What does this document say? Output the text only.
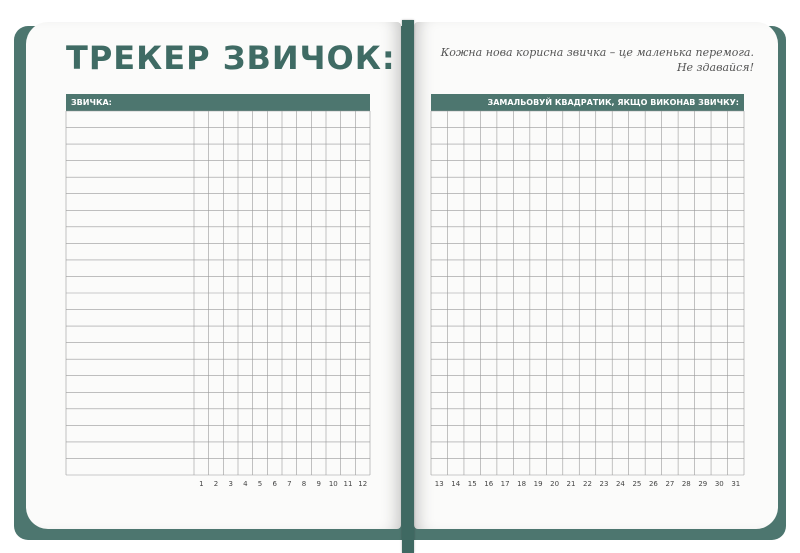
ТРЕКЕР ЗВИЧОК:	Кожна нова корисна звичка – це маленька перемога.
Не здавайся!
ЗВИЧКА:	ЗАМАЛЬОВУЙ КВАДРАТИК, ЯКЩО ВИКОНАВ ЗВИЧКУ:
1 2 3 4 5 6 7 8 9 10 11 12	13 14 15 16 17 18 19 20 21 22 23 24 25 26 27 28 29 30 31
